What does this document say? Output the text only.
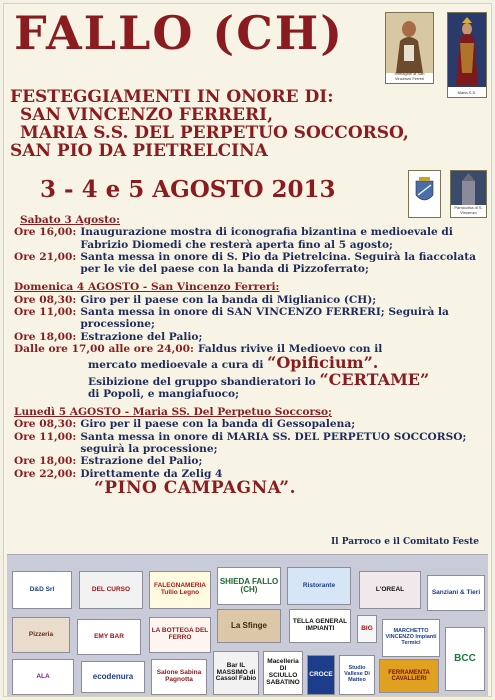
FALLO (CH)
Immagine di San Vincenzo Ferreri
Maria S.S.
Parrocchia di S. Vincenzo
FESTEGGIAMENTI IN ONORE DI:
SAN VINCENZO FERRERI,
MARIA S.S. DEL PERPETUO SOCCORSO,
SAN PIO DA PIETRELCINA
3 - 4 e 5 AGOSTO 2013
Sabato 3 Agosto:
Ore 16,00: Inaugurazione mostra di iconografia bizantina e medioevale di Fabrizio Diomedi che resterà aperta fino al 5 agosto;
Ore 21,00: Santa messa in onore di S. Pio da Pietrelcina. Seguirà la fiaccolata per le vie del paese con la banda di Pizzoferrato;
Domenica 4 AGOSTO - San Vincenzo Ferreri:
Ore 08,30: Giro per il paese con la banda di Miglianico (CH);
Ore 11,00: Santa messa in onore di SAN VINCENZO FERRERI; Seguirà la processione;
Ore 18,00: Estrazione del Palio;
Dalle ore 17,00 alle ore 24,00: Faldus rivive il Medioevo con il
mercato medioevale a cura di “Opificium”.
Esibizione del gruppo sbandieratori lo “CERTAME”
di Popoli, e mangiafuoco;
Lunedì 5 AGOSTO - Maria SS. Del Perpetuo Soccorso;
Ore 08,30: Giro per il paese con la banda di Gessopalena;
Ore 11,00: Santa messa in onore di MARIA SS. DEL PERPETUO SOCCORSO; seguirà la processione;
Ore 18,00: Estrazione del Palio;
Ore 22,00: Direttamente da Zelig 4
“PINO CAMPAGNA”.
Il Parroco e il Comitato Feste
D&D Srl	DEL CURSO	FALEGNAMERIA Tullio Legno
SHIEDA FALLO (CH)	Ristorante
L'OREAL	Sanziani & Tieri
Pizzeria	EMY BAR
LA BOTTEGA DEL FERRO
La Sfinge	TELLA GENERAL IMPIANTI	BIG	MARCHETTO VINCENZO Impianti Termici
BCC
ALA	ecodenura	Salone Sabina Pagnotta
Bar IL MASSIMO di Cassol Fabio
Macelleria DI SCIULLO SABATINO
CROCE
Studio Vallese Di Matteo
FERRAMENTA CAVALLIERI
